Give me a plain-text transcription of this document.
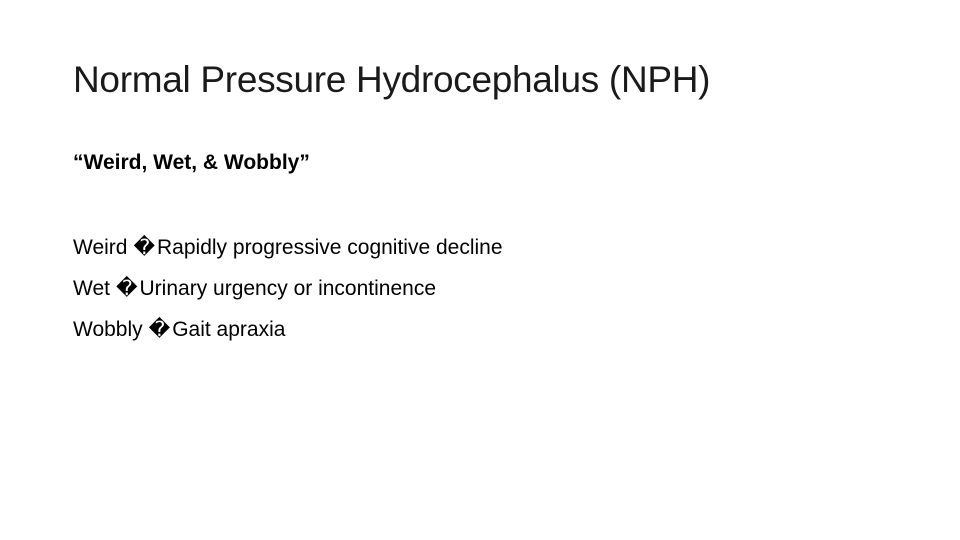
Normal Pressure Hydrocephalus (NPH)

“Weird, Wet, & Wobbly”

Weird �Rapidly progressive cognitive decline
Wet �Urinary urgency or incontinence
Wobbly �Gait apraxia
